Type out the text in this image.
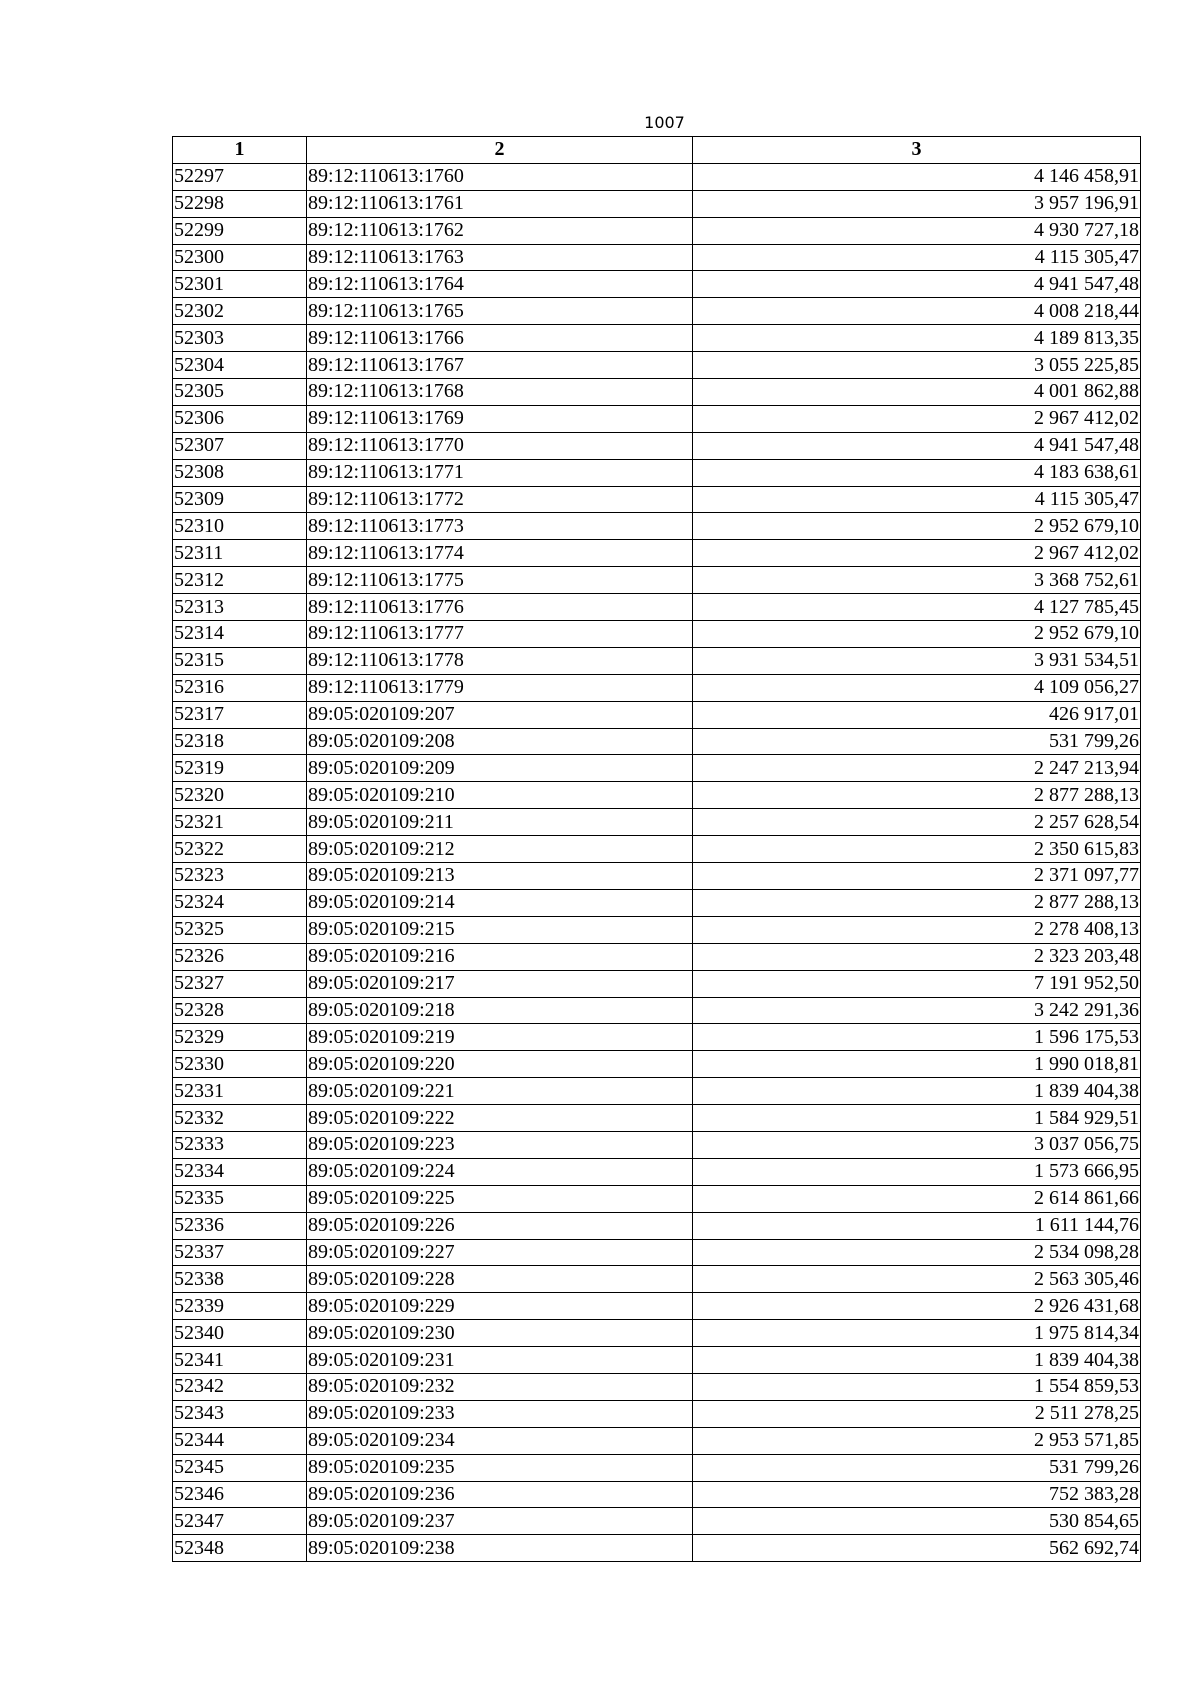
1007
1	2	3
52297	89:12:110613:1760	4 146 458,91
52298	89:12:110613:1761	3 957 196,91
52299	89:12:110613:1762	4 930 727,18
52300	89:12:110613:1763	4 115 305,47
52301	89:12:110613:1764	4 941 547,48
52302	89:12:110613:1765	4 008 218,44
52303	89:12:110613:1766	4 189 813,35
52304	89:12:110613:1767	3 055 225,85
52305	89:12:110613:1768	4 001 862,88
52306	89:12:110613:1769	2 967 412,02
52307	89:12:110613:1770	4 941 547,48
52308	89:12:110613:1771	4 183 638,61
52309	89:12:110613:1772	4 115 305,47
52310	89:12:110613:1773	2 952 679,10
52311	89:12:110613:1774	2 967 412,02
52312	89:12:110613:1775	3 368 752,61
52313	89:12:110613:1776	4 127 785,45
52314	89:12:110613:1777	2 952 679,10
52315	89:12:110613:1778	3 931 534,51
52316	89:12:110613:1779	4 109 056,27
52317	89:05:020109:207	426 917,01
52318	89:05:020109:208	531 799,26
52319	89:05:020109:209	2 247 213,94
52320	89:05:020109:210	2 877 288,13
52321	89:05:020109:211	2 257 628,54
52322	89:05:020109:212	2 350 615,83
52323	89:05:020109:213	2 371 097,77
52324	89:05:020109:214	2 877 288,13
52325	89:05:020109:215	2 278 408,13
52326	89:05:020109:216	2 323 203,48
52327	89:05:020109:217	7 191 952,50
52328	89:05:020109:218	3 242 291,36
52329	89:05:020109:219	1 596 175,53
52330	89:05:020109:220	1 990 018,81
52331	89:05:020109:221	1 839 404,38
52332	89:05:020109:222	1 584 929,51
52333	89:05:020109:223	3 037 056,75
52334	89:05:020109:224	1 573 666,95
52335	89:05:020109:225	2 614 861,66
52336	89:05:020109:226	1 611 144,76
52337	89:05:020109:227	2 534 098,28
52338	89:05:020109:228	2 563 305,46
52339	89:05:020109:229	2 926 431,68
52340	89:05:020109:230	1 975 814,34
52341	89:05:020109:231	1 839 404,38
52342	89:05:020109:232	1 554 859,53
52343	89:05:020109:233	2 511 278,25
52344	89:05:020109:234	2 953 571,85
52345	89:05:020109:235	531 799,26
52346	89:05:020109:236	752 383,28
52347	89:05:020109:237	530 854,65
52348	89:05:020109:238	562 692,74
